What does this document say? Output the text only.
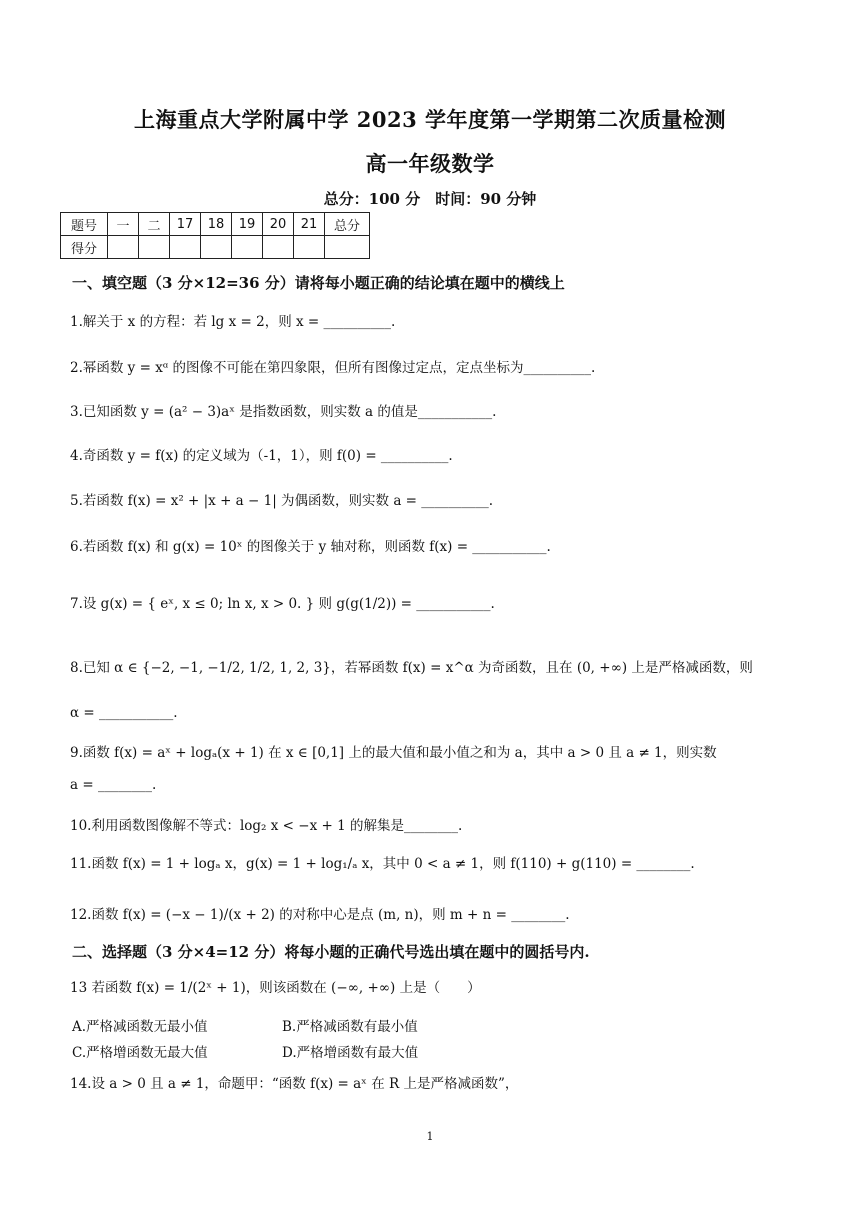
上海重点大学附属中学 2023 学年度第一学期第二次质量检测
高一年级数学
总分：100 分　时间：90 分钟
题号	一	二	17	18	19	20	21	总分
得分								
一、填空题（3 分×12=36 分）请将每小题正确的结论填在题中的横线上
1.解关于 x 的方程：若 lg x = 2，则 x = __________.
2.幂函数 y = xᵅ 的图像不可能在第四象限，但所有图像过定点，定点坐标为__________.
3.已知函数 y = (a² − 3)aˣ 是指数函数，则实数 a 的值是___________.
4.奇函数 y = f(x) 的定义域为（-1，1），则 f(0) = __________.
5.若函数 f(x) = x² + |x + a − 1| 为偶函数，则实数 a = __________.
6.若函数 f(x) 和 g(x) = 10ˣ 的图像关于 y 轴对称，则函数 f(x) = ___________.
7.设 g(x) = { eˣ, x ≤ 0; ln x, x > 0. } 则 g(g(1/2)) = ___________.
8.已知 α ∈ {−2, −1, −1/2, 1/2, 1, 2, 3}，若幂函数 f(x) = x^α 为奇函数，且在 (0, +∞) 上是严格减函数，则
α = ___________.
9.函数 f(x) = aˣ + logₐ(x + 1) 在 x ∈ [0,1] 上的最大值和最小值之和为 a，其中 a > 0 且 a ≠ 1，则实数
a = ________.
10.利用函数图像解不等式：log₂ x < −x + 1 的解集是________.
11.函数 f(x) = 1 + logₐ x，g(x) = 1 + log₁/ₐ x，其中 0 < a ≠ 1，则 f(110) + g(110) = ________.
12.函数 f(x) = (−x − 1)/(x + 2) 的对称中心是点 (m, n)，则 m + n = ________.
二、选择题（3 分×4=12 分）将每小题的正确代号选出填在题中的圆括号内.
13 若函数 f(x) = 1/(2ˣ + 1)，则该函数在 (−∞, +∞) 上是（　　）
A.严格减函数无最小值	B.严格减函数有最小值
C.严格增函数无最大值	D.严格增函数有最大值
14.设 a > 0 且 a ≠ 1，命题甲：“函数 f(x) = aˣ 在 R 上是严格减函数”，
1
